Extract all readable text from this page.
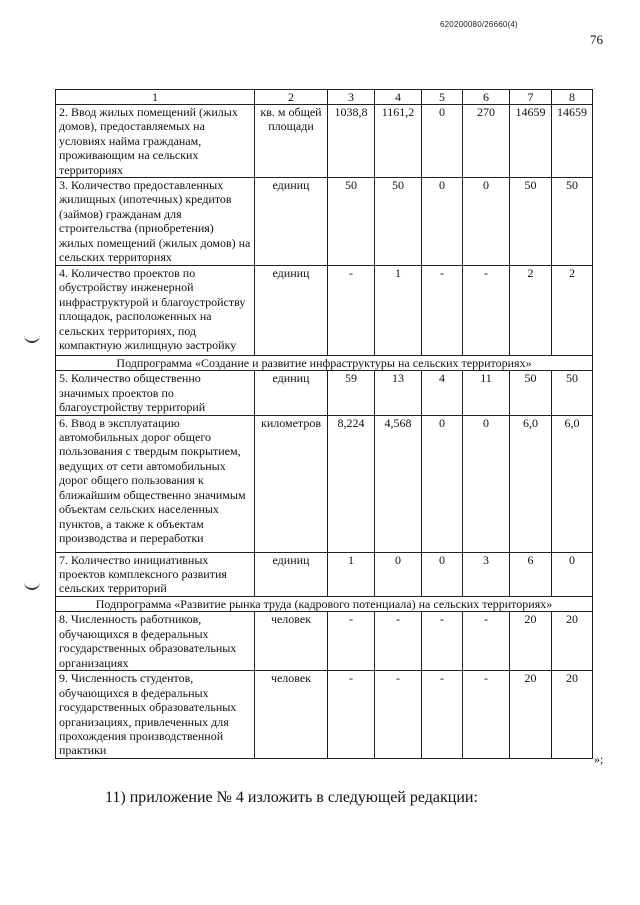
620200080/26660(4)
76
1	2	3	4	5	6	7	8
2. Ввод жилых помещений (жилых домов), предоставляемых на условиях найма гражданам, проживающим на сельских территориях	кв. м общей площади	1038,8	1161,2	0	270	14659	14659
3. Количество предоставленных жилищных (ипотечных) кредитов (займов) гражданам для строительства (приобретения) жилых помещений (жилых домов) на сельских территориях	единиц	50	50	0	0	50	50
4. Количество проектов по обустройству инженерной инфраструктурой и благоустройству площадок, расположенных на сельских территориях, под компактную жилищную застройку	единиц	-	1	-	-	2	2
Подпрограмма «Создание и развитие инфраструктуры на сельских территориях»							
5. Количество общественно значимых проектов по благоустройству территорий	единиц	59	13	4	11	50	50
6. Ввод в эксплуатацию автомобильных дорог общего пользования с твердым покрытием, ведущих от сети автомобильных дорог общего пользования к ближайшим общественно значимым объектам сельских населенных пунктов, а также к объектам производства и переработки	километров	8,224	4,568	0	0	6,0	6,0
7. Количество инициативных проектов комплексного развития сельских территорий	единиц	1	0	0	3	6	0
Подпрограмма «Развитие рынка труда (кадрового потенциала) на сельских территориях»							
8. Численность работников, обучающихся в федеральных государственных образовательных организациях	человек	-	-	-	-	20	20
9. Численность студентов, обучающихся в федеральных государственных образовательных организациях, привлеченных для прохождения производственной практики	человек	-	-	-	-	20	20
»;
11) приложение № 4 изложить в следующей редакции:
